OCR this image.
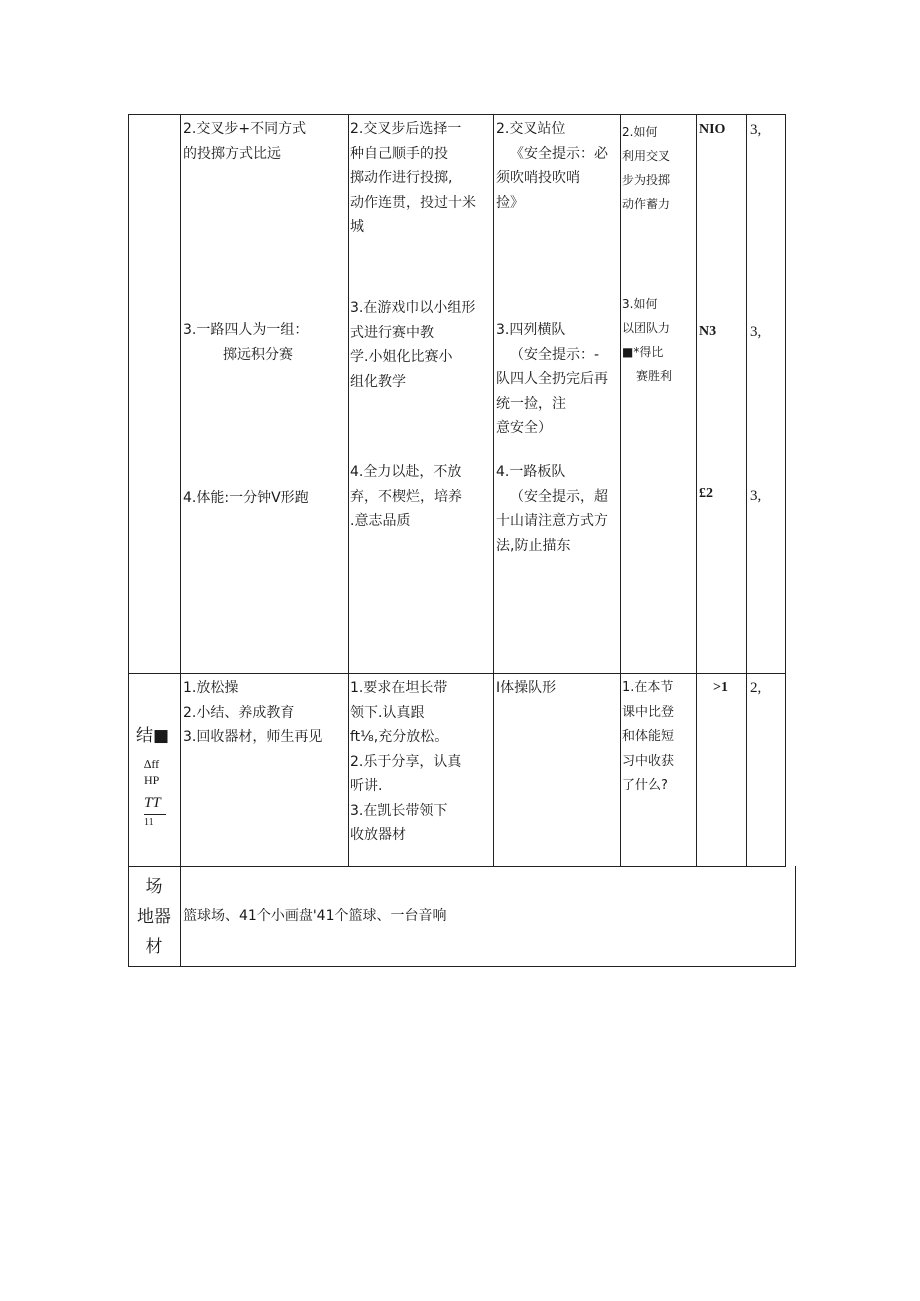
2.交叉步+不同方式
的投掷方式比远
2.交叉步后选择一
种自己顺手的投
掷动作进行投掷,
动作连贯，投过十米
城
2.交叉站位
《安全提示：必
须吹哨投吹哨
捡》
2.如何
利用交叉
步为投掷
动作蓄力
NIO 3,
3.一路四人为一组：
掷远积分赛
3.在游戏巾以小组形
式进行赛中教
学.小姐化比赛小
组化教学
3.四列横队
（安全提示：-
队四人全扔完后再
统一捡，注
意安全）
3.如何
以团队力
■*得比
赛胜利
N3 3,
4.体能:一分钟V形跑
4.全力以赴，不放
弃，不楔烂，培养
.意志品质
4.一路板队
（安全提示，超
十山请注意方式方
法,防止描东
£2 3,
结■
∆ff
HP
TT
11
1.放松操
2.小结、养成教育
3.回收器材，师生再见
1.要求在坦长带
领下.认真跟
ft⅛,充分放松。
2.乐于分享，认真
听讲.
3.在凯长带领下
收放器材
I体操队形	1.在本节
课中比登
和体能短
习中收获
了什么?
>1 2,
场
地器
材
篮球场、41个小画盘'41个篮球、一台音响
